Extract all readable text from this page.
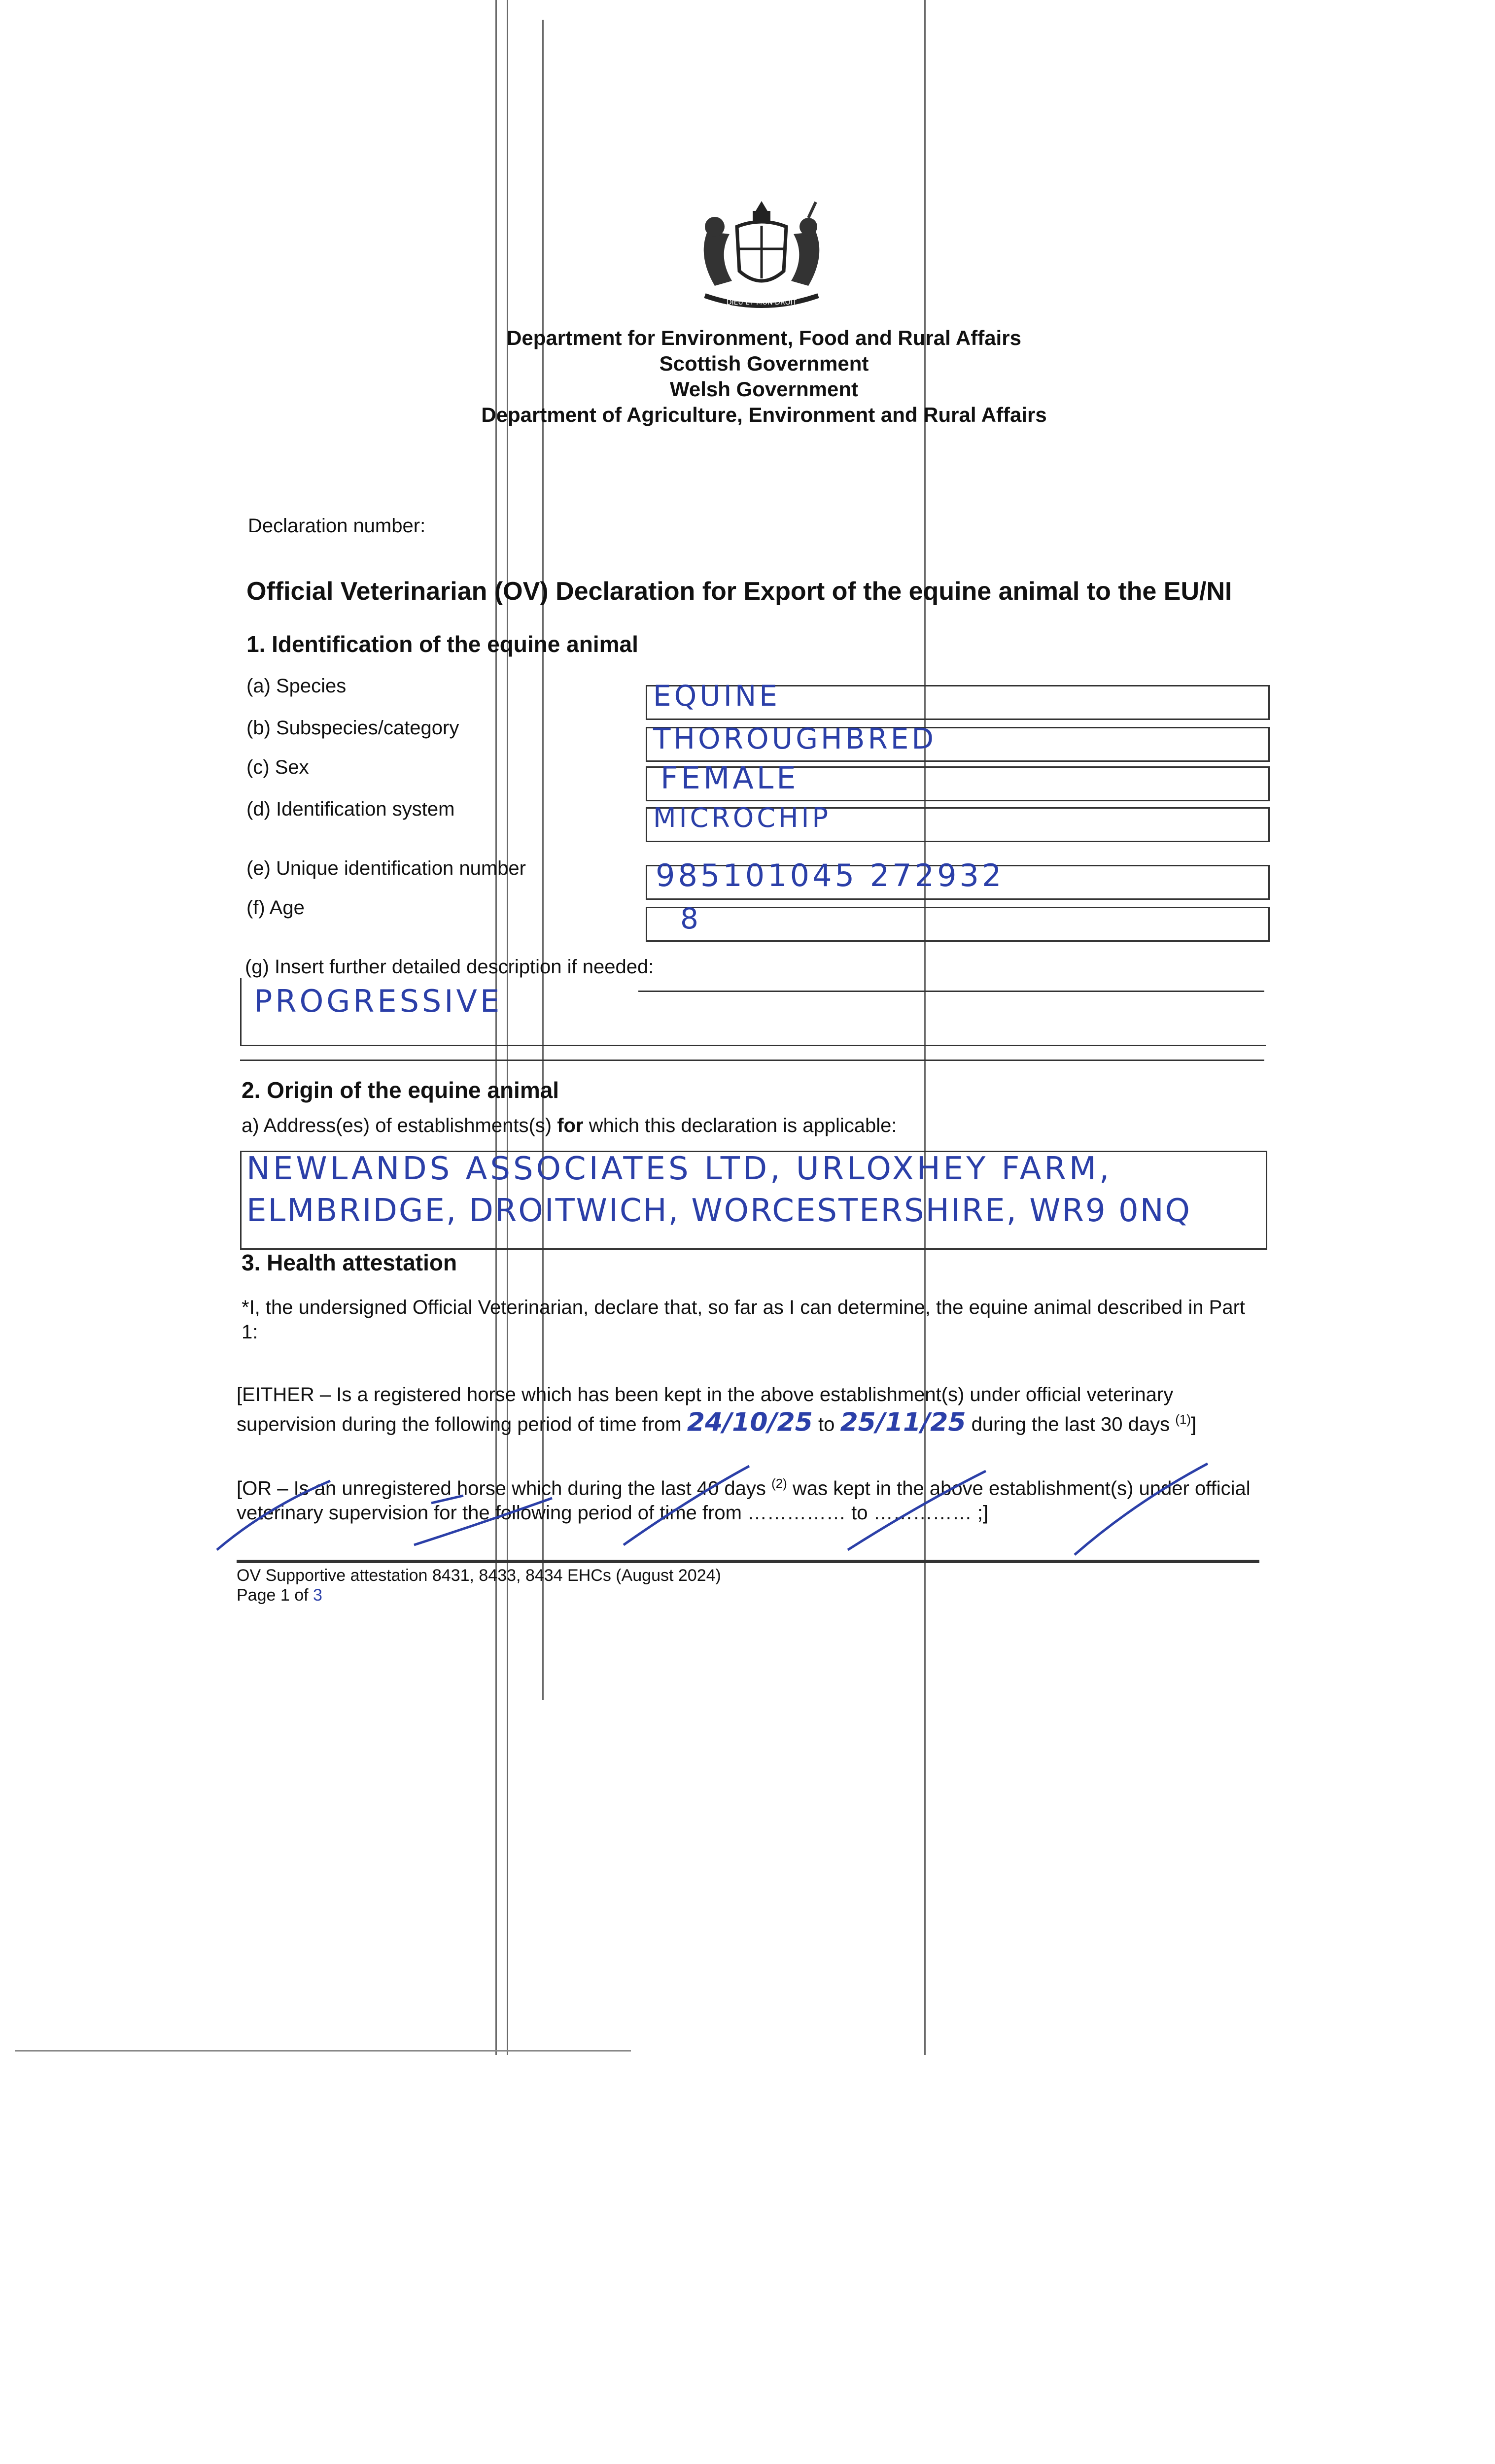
DIEU ET MON DROIT
Department for Environment, Food and Rural Affairs
Scottish Government
Welsh Government
Department of Agriculture, Environment and Rural Affairs
Declaration number:
Official Veterinarian (OV) Declaration for Export of the equine animal to the EU/NI
1. Identification of the equine animal
(a) Species	EQUINE
(b) Subspecies/category	THOROUGHBRED
(c) Sex	FEMALE
(d) Identification system	MICROCHIP
(e) Unique identification number	985101045 272932
(f) Age	8
(g) Insert further detailed description if needed:
PROGRESSIVE
2. Origin of the equine animal
a) Address(es) of establishments(s) for which this declaration is applicable:
NEWLANDS ASSOCIATES LTD, URLOXHEY FARM,
ELMBRIDGE, DROITWICH, WORCESTERSHIRE, WR9 0NQ
3. Health attestation
*I, the undersigned Official Veterinarian, declare that, so far as I can determine, the equine animal described in Part 1:
[EITHER – Is a registered horse which has been kept in the above establishment(s) under official veterinary
supervision during the following period of time from 24/10/25 to 25/11/25 during the last 30 days $^{(1)}$]
[OR – Is an unregistered horse which during the last 40 days $^{(2)}$ was kept in the above establishment(s) under official
veterinary supervision for the following period of time from …………… to …………… ;]
OV Supportive attestation 8431, 8433, 8434 EHCs (August 2024)
Page 1 of 3
